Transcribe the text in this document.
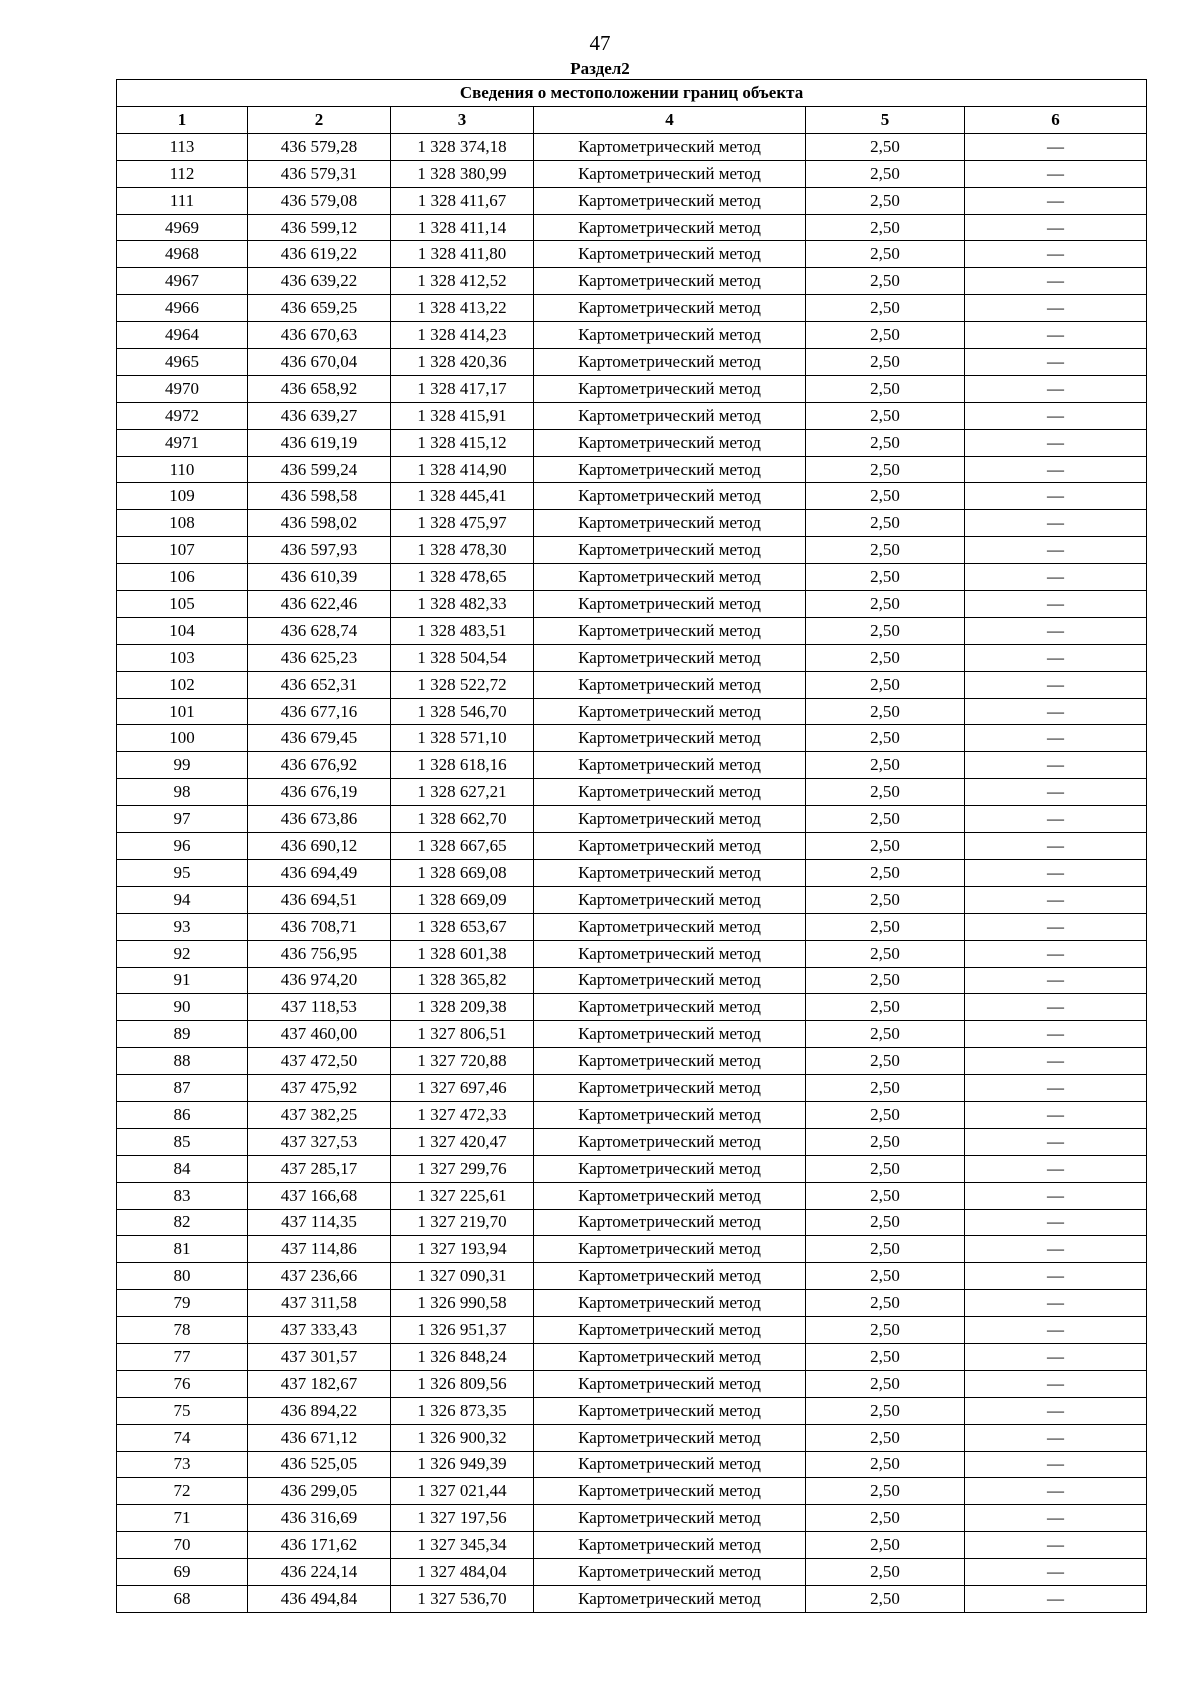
47
Раздел2
Сведения о местоположении границ объекта					
1	2	3	4	5	6
113	436 579,28	1 328 374,18	Картометрический метод	2,50	—
112	436 579,31	1 328 380,99	Картометрический метод	2,50	—
111	436 579,08	1 328 411,67	Картометрический метод	2,50	—
4969	436 599,12	1 328 411,14	Картометрический метод	2,50	—
4968	436 619,22	1 328 411,80	Картометрический метод	2,50	—
4967	436 639,22	1 328 412,52	Картометрический метод	2,50	—
4966	436 659,25	1 328 413,22	Картометрический метод	2,50	—
4964	436 670,63	1 328 414,23	Картометрический метод	2,50	—
4965	436 670,04	1 328 420,36	Картометрический метод	2,50	—
4970	436 658,92	1 328 417,17	Картометрический метод	2,50	—
4972	436 639,27	1 328 415,91	Картометрический метод	2,50	—
4971	436 619,19	1 328 415,12	Картометрический метод	2,50	—
110	436 599,24	1 328 414,90	Картометрический метод	2,50	—
109	436 598,58	1 328 445,41	Картометрический метод	2,50	—
108	436 598,02	1 328 475,97	Картометрический метод	2,50	—
107	436 597,93	1 328 478,30	Картометрический метод	2,50	—
106	436 610,39	1 328 478,65	Картометрический метод	2,50	—
105	436 622,46	1 328 482,33	Картометрический метод	2,50	—
104	436 628,74	1 328 483,51	Картометрический метод	2,50	—
103	436 625,23	1 328 504,54	Картометрический метод	2,50	—
102	436 652,31	1 328 522,72	Картометрический метод	2,50	—
101	436 677,16	1 328 546,70	Картометрический метод	2,50	—
100	436 679,45	1 328 571,10	Картометрический метод	2,50	—
99	436 676,92	1 328 618,16	Картометрический метод	2,50	—
98	436 676,19	1 328 627,21	Картометрический метод	2,50	—
97	436 673,86	1 328 662,70	Картометрический метод	2,50	—
96	436 690,12	1 328 667,65	Картометрический метод	2,50	—
95	436 694,49	1 328 669,08	Картометрический метод	2,50	—
94	436 694,51	1 328 669,09	Картометрический метод	2,50	—
93	436 708,71	1 328 653,67	Картометрический метод	2,50	—
92	436 756,95	1 328 601,38	Картометрический метод	2,50	—
91	436 974,20	1 328 365,82	Картометрический метод	2,50	—
90	437 118,53	1 328 209,38	Картометрический метод	2,50	—
89	437 460,00	1 327 806,51	Картометрический метод	2,50	—
88	437 472,50	1 327 720,88	Картометрический метод	2,50	—
87	437 475,92	1 327 697,46	Картометрический метод	2,50	—
86	437 382,25	1 327 472,33	Картометрический метод	2,50	—
85	437 327,53	1 327 420,47	Картометрический метод	2,50	—
84	437 285,17	1 327 299,76	Картометрический метод	2,50	—
83	437 166,68	1 327 225,61	Картометрический метод	2,50	—
82	437 114,35	1 327 219,70	Картометрический метод	2,50	—
81	437 114,86	1 327 193,94	Картометрический метод	2,50	—
80	437 236,66	1 327 090,31	Картометрический метод	2,50	—
79	437 311,58	1 326 990,58	Картометрический метод	2,50	—
78	437 333,43	1 326 951,37	Картометрический метод	2,50	—
77	437 301,57	1 326 848,24	Картометрический метод	2,50	—
76	437 182,67	1 326 809,56	Картометрический метод	2,50	—
75	436 894,22	1 326 873,35	Картометрический метод	2,50	—
74	436 671,12	1 326 900,32	Картометрический метод	2,50	—
73	436 525,05	1 326 949,39	Картометрический метод	2,50	—
72	436 299,05	1 327 021,44	Картометрический метод	2,50	—
71	436 316,69	1 327 197,56	Картометрический метод	2,50	—
70	436 171,62	1 327 345,34	Картометрический метод	2,50	—
69	436 224,14	1 327 484,04	Картометрический метод	2,50	—
68	436 494,84	1 327 536,70	Картометрический метод	2,50	—
